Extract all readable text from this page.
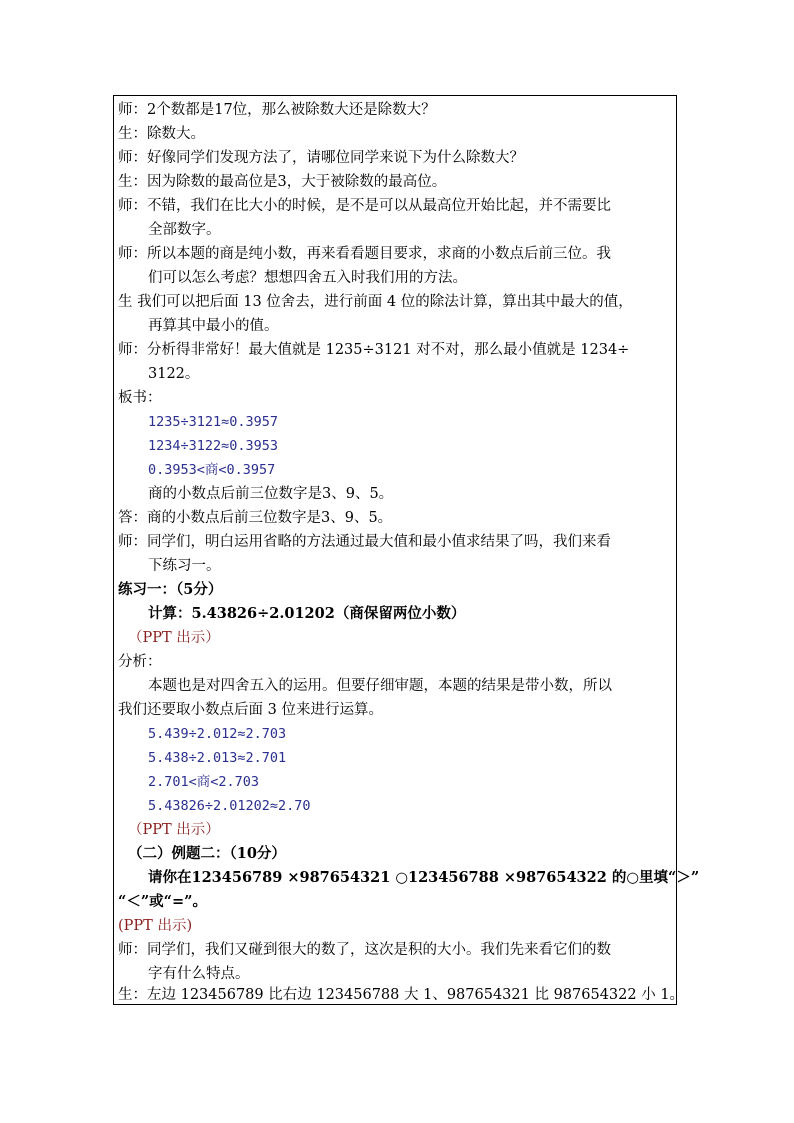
师：2个数都是17位，那么被除数大还是除数大？
生：除数大。
师：好像同学们发现方法了，请哪位同学来说下为什么除数大？
生：因为除数的最高位是3，大于被除数的最高位。
师：不错，我们在比大小的时候，是不是可以从最高位开始比起，并不需要比
全部数字。
师：所以本题的商是纯小数，再来看看题目要求，求商的小数点后前三位。我
们可以怎么考虑？想想四舍五入时我们用的方法。
生 我们可以把后面 13 位舍去，进行前面 4 位的除法计算，算出其中最大的值，
再算其中最小的值。
师：分析得非常好！最大值就是 1235÷3121 对不对，那么最小值就是 1234÷
3122。
板书：
1235÷3121≈0.3957
1234÷3122≈0.3953
0.3953<商<0.3957
商的小数点后前三位数字是3、9、5。
答：商的小数点后前三位数字是3、9、5。
师：同学们，明白运用省略的方法通过最大值和最小值求结果了吗，我们来看
下练习一。
练习一：（5分）
计算：5.43826÷2.01202（商保留两位小数）
（PPT 出示）
分析：
本题也是对四舍五入的运用。但要仔细审题，本题的结果是带小数，所以
我们还要取小数点后面 3 位来进行运算。
5.439÷2.012≈2.703
5.438÷2.013≈2.701
2.701<商<2.703
5.43826÷2.01202≈2.70
（PPT 出示）
（二）例题二：（10分）
请你在123456789 ×987654321 ○123456788 ×987654322 的○里填“＞”
“＜”或“=”。
(PPT 出示)
师：同学们，我们又碰到很大的数了，这次是积的大小。我们先来看它们的数
字有什么特点。
生：左边 123456789 比右边 123456788 大 1、987654321 比 987654322 小 1。
